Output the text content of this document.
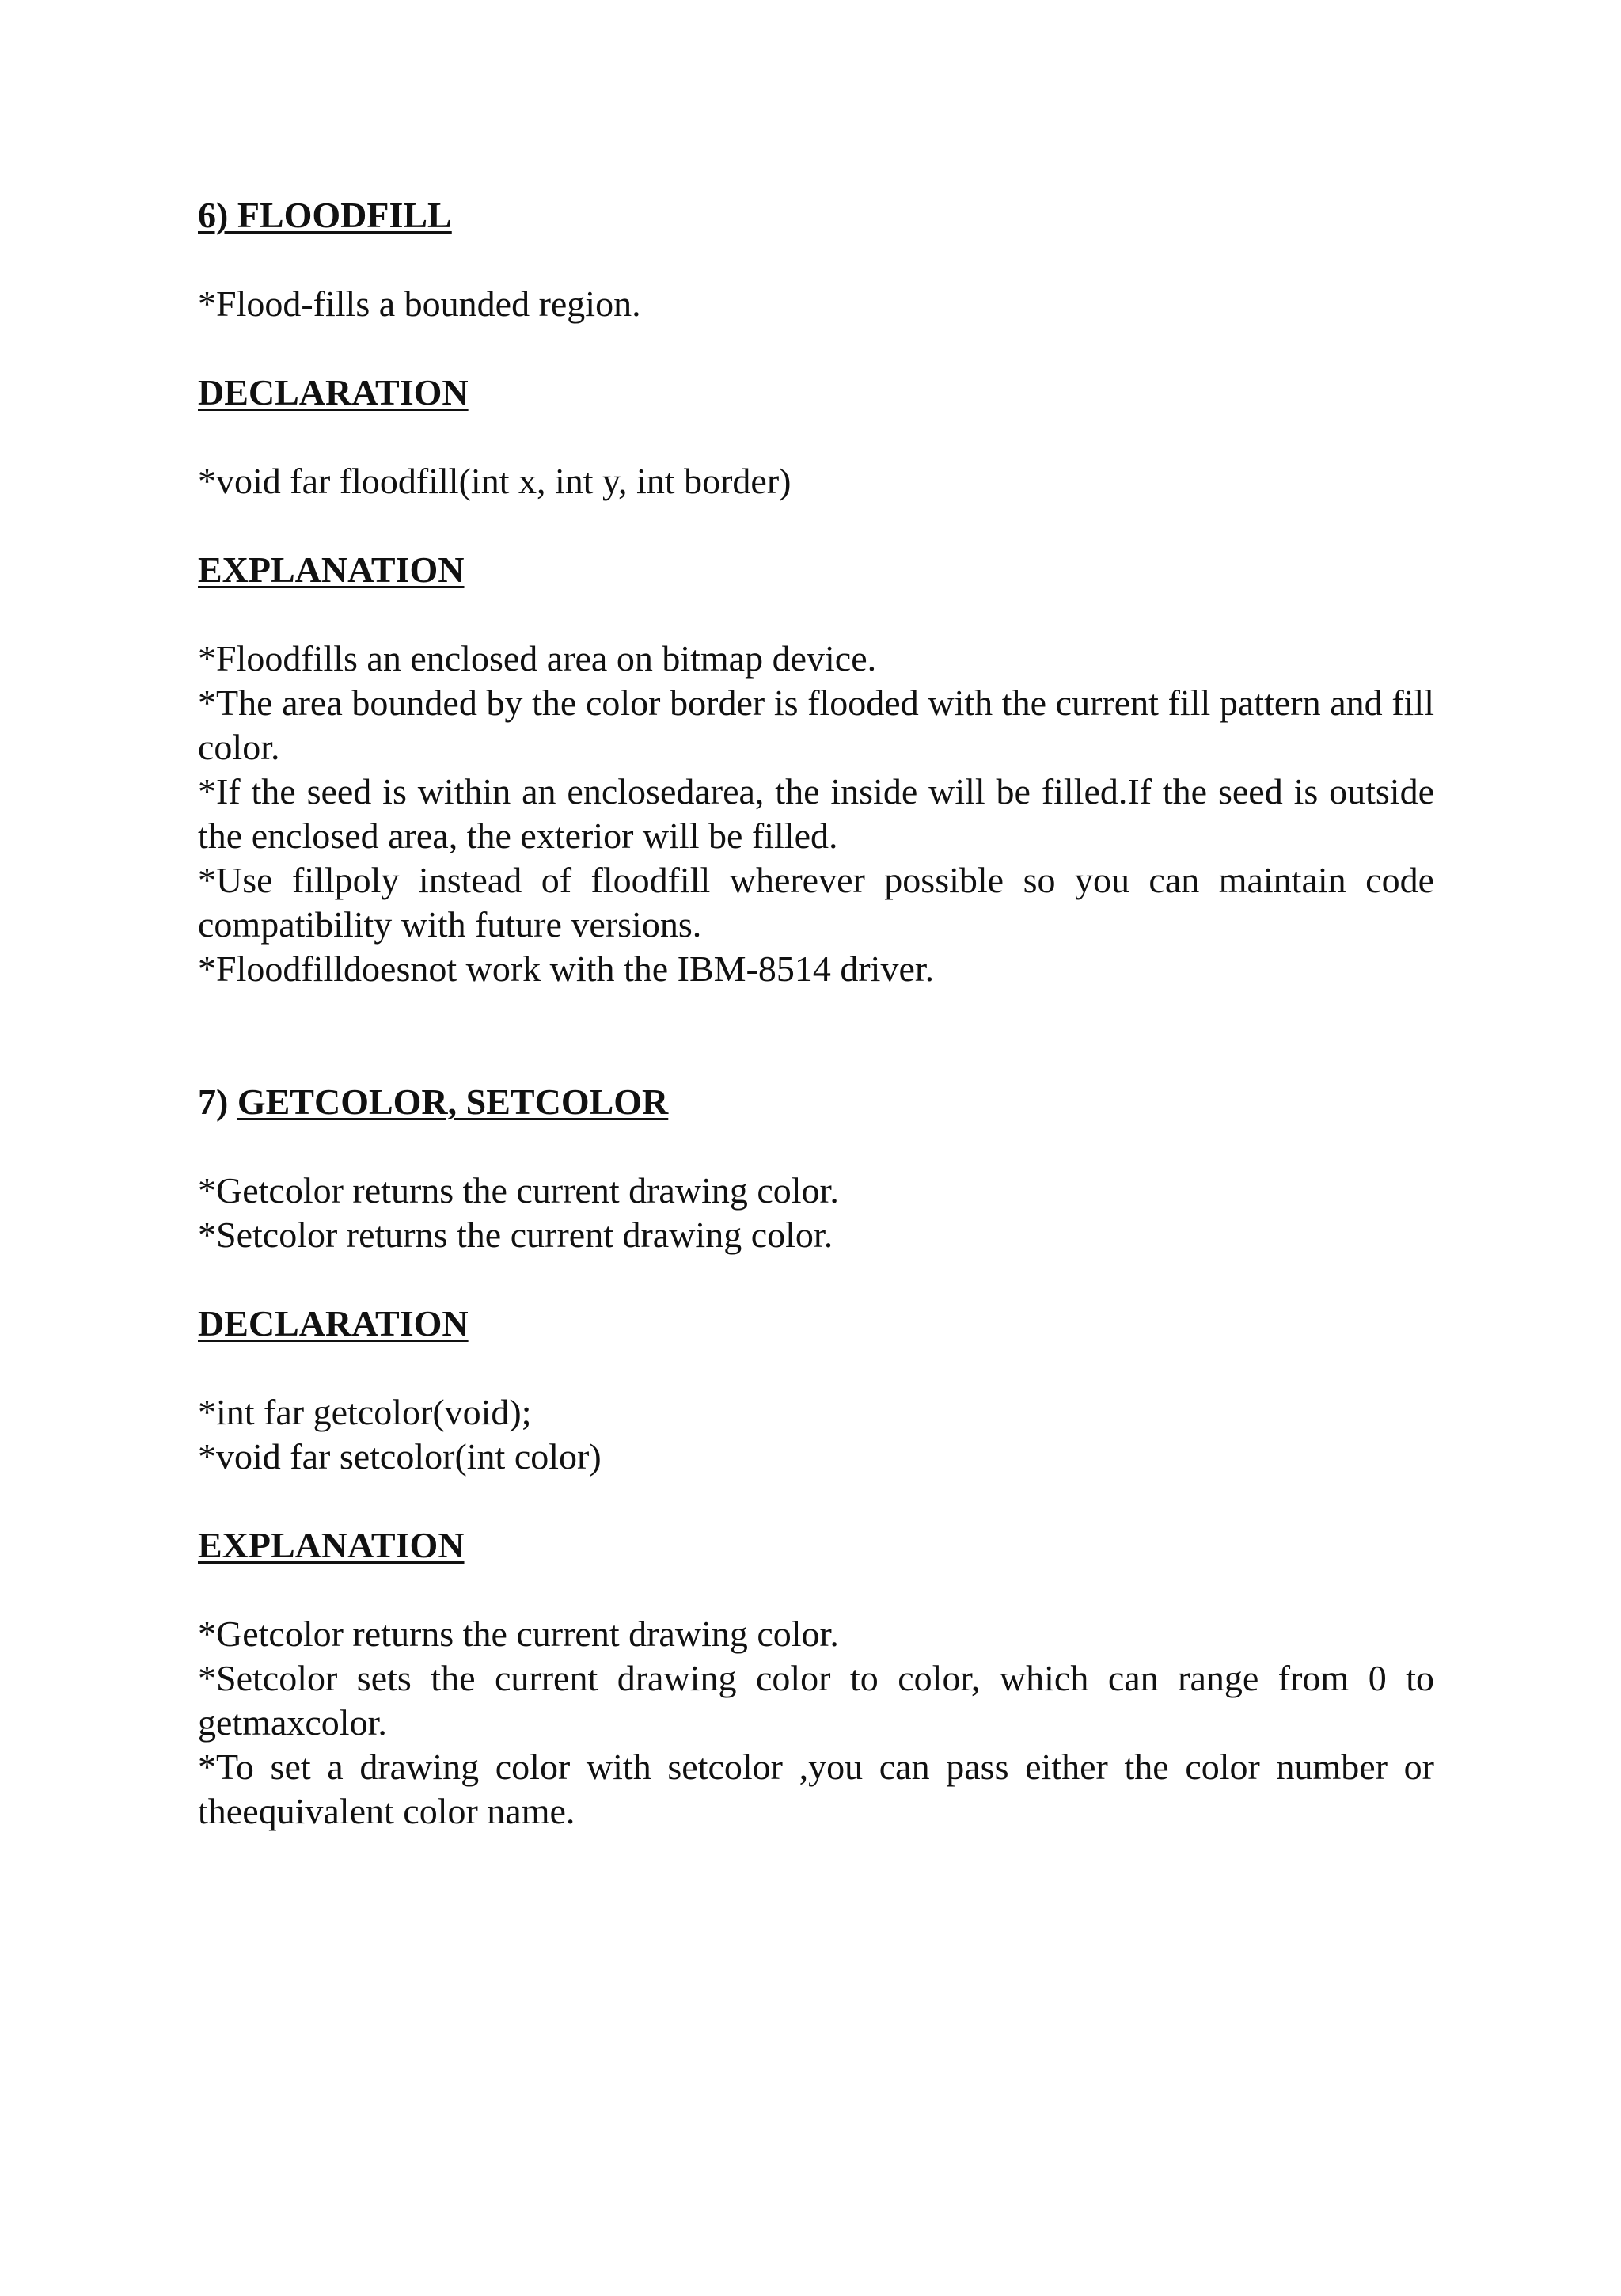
6) FLOODFILL

*Flood-fills a bounded region.

DECLARATION

*void far floodfill(int x, int y, int border)

EXPLANATION

*Floodfills an enclosed area on bitmap device.

*The area bounded by the color border is flooded with the current fill pattern and fill color.

*If the seed is within an enclosedarea, the inside will be filled.If the seed is outside the enclosed area, the exterior will be filled.

*Use fillpoly instead of floodfill wherever possible so you can maintain code compatibility with future versions.

*Floodfilldoesnot work with the IBM-8514 driver.

7) GETCOLOR, SETCOLOR

*Getcolor returns the current drawing color.

*Setcolor returns the current drawing color.

DECLARATION

*int far getcolor(void);

*void far setcolor(int color)

EXPLANATION

*Getcolor returns the current drawing color.

*Setcolor sets the current drawing color to color, which can range from 0 to getmaxcolor.

*To set a drawing color with setcolor ,you can pass either the color number or theequivalent color name.
